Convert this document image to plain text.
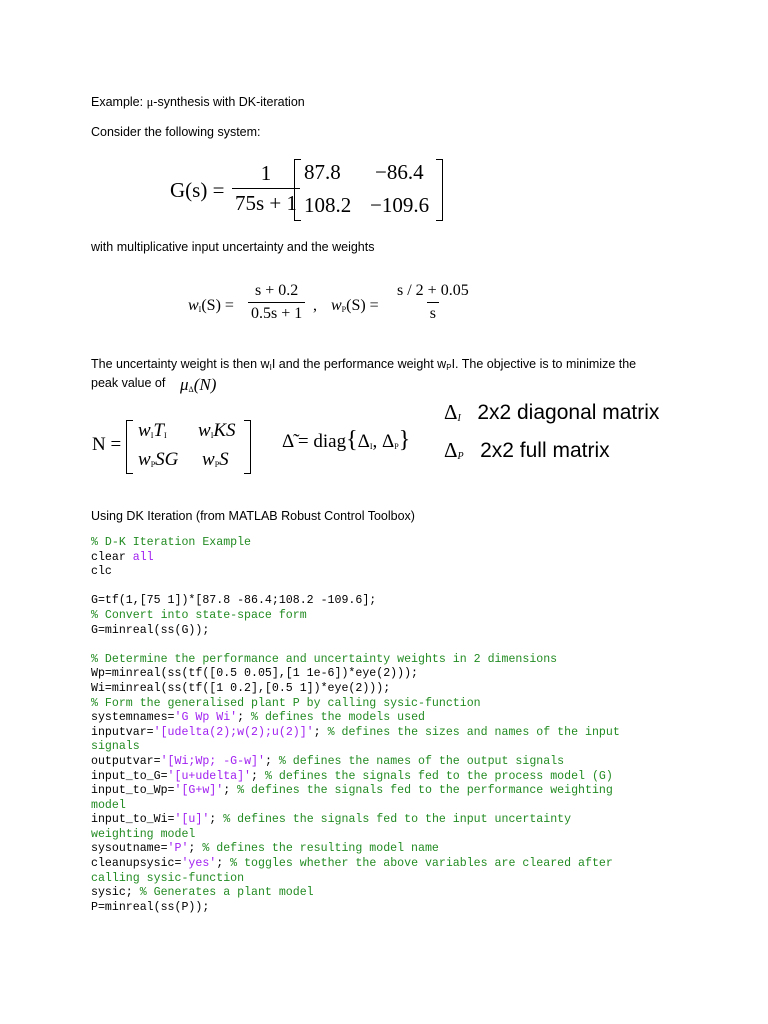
Example: μ-synthesis with DK-iteration
Consider the following system:
$G(s) = \frac{1}{75s + 1} 87.8 -86.4$
108.2 −109.6
with multiplicative input uncertainty and the weights
$w_I(S) = \frac{s + 0.2}{0.5s + 1}$ , $w_P(S) = \frac{s / 2 + 0.05}{s}$
The uncertainty weight is then $w_II$ and the performance weight $w_PI$. The objective is to minimize the
peak value of $\mu_\Delta(N)$
N =
$w_IT_I$ $w_IKS$
$w_PSG$ $w_PS$
Δ̃ = $diag\{\Delta_I$, $\Delta_P$}
$\Delta_I$ 2x2 diagonal matrix
$\Delta_P$ 2x2 full matrix
Using DK Iteration (from MATLAB Robust Control Toolbox)
% D-K Iteration Example
clear all
clc
G=tf(1,[75 1])*[87.8 -86.4;108.2 -109.6];
% Convert into state-space form
G=minreal(ss(G));
% Determine the performance and uncertainty weights in 2 dimensions
Wp=minreal(ss(tf([0.5 0.05],[1 1e-6])*eye(2)));
Wi=minreal(ss(tf([1 0.2],[0.5 1])*eye(2)));
% Form the generalised plant P by calling sysic-function
systemnames='G Wp Wi'; % defines the models used
inputvar='[udelta(2);w(2);u(2)]'; % defines the sizes and names of the input
signals
outputvar='[Wi;Wp; -G-w]'; % defines the names of the output signals
input_to_G='[u+udelta]'; % defines the signals fed to the process model (G)
input_to_Wp='[G+w]'; % defines the signals fed to the performance weighting
model
input_to_Wi='[u]'; % defines the signals fed to the input uncertainty
weighting model
sysoutname='P'; % defines the resulting model name
cleanupsysic='yes'; % toggles whether the above variables are cleared after
calling sysic-function
sysic; % Generates a plant model
P=minreal(ss(P));
